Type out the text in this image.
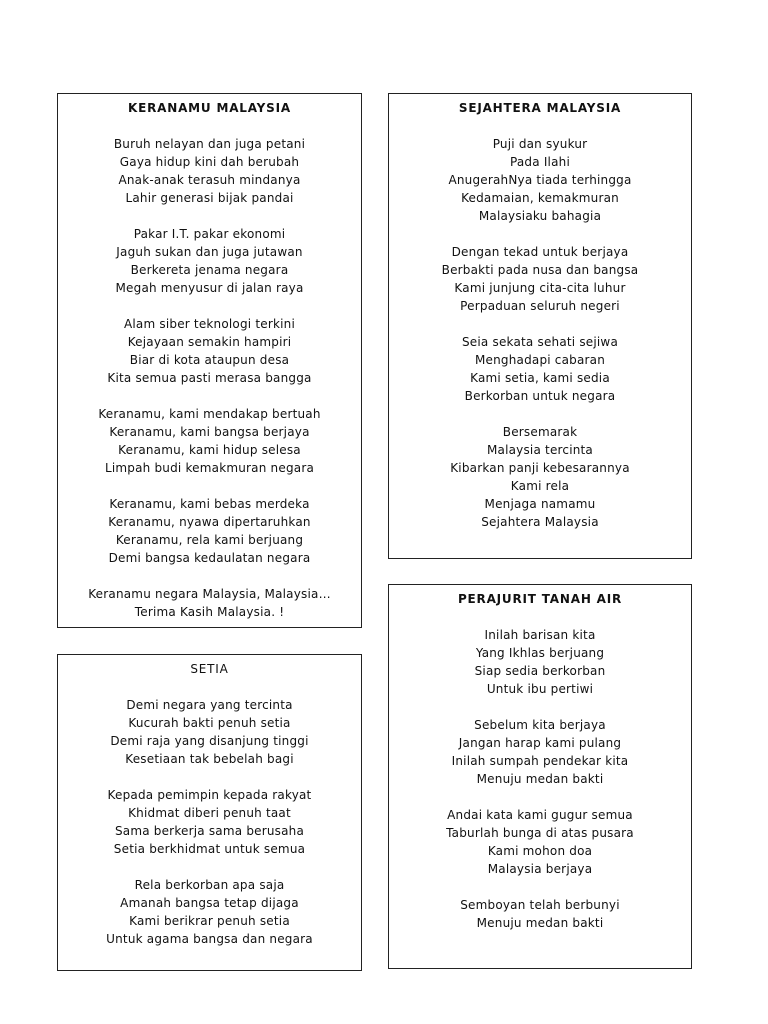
KERANAMU MALAYSIA
Buruh nelayan dan juga petani
Gaya hidup kini dah berubah
Anak-anak terasuh mindanya
Lahir generasi bijak pandai
Pakar I.T. pakar ekonomi
Jaguh sukan dan juga jutawan
Berkereta jenama negara
Megah menyusur di jalan raya
Alam siber teknologi terkini
Kejayaan semakin hampiri
Biar di kota ataupun desa
Kita semua pasti merasa bangga
Keranamu, kami mendakap bertuah
Keranamu, kami bangsa berjaya
Keranamu, kami hidup selesa
Limpah budi kemakmuran negara
Keranamu, kami bebas merdeka
Keranamu, nyawa dipertaruhkan
Keranamu, rela kami berjuang
Demi bangsa kedaulatan negara
Keranamu negara Malaysia, Malaysia…
Terima Kasih Malaysia. !
SEJAHTERA MALAYSIA
Puji dan syukur
Pada Ilahi
AnugerahNya tiada terhingga
Kedamaian, kemakmuran
Malaysiaku bahagia
Dengan tekad untuk berjaya
Berbakti pada nusa dan bangsa
Kami junjung cita-cita luhur
Perpaduan seluruh negeri
Seia sekata sehati sejiwa
Menghadapi cabaran
Kami setia, kami sedia
Berkorban untuk negara
Bersemarak
Malaysia tercinta
Kibarkan panji kebesarannya
Kami rela
Menjaga namamu
Sejahtera Malaysia
SETIA
Demi negara yang tercinta
Kucurah bakti penuh setia
Demi raja yang disanjung tinggi
Kesetiaan tak bebelah bagi
Kepada pemimpin kepada rakyat
Khidmat diberi penuh taat
Sama berkerja sama berusaha
Setia berkhidmat untuk semua
Rela berkorban apa saja
Amanah bangsa tetap dijaga
Kami berikrar penuh setia
Untuk agama bangsa dan negara
PERAJURIT TANAH AIR
Inilah barisan kita
Yang Ikhlas berjuang
Siap sedia berkorban
Untuk ibu pertiwi
Sebelum kita berjaya
Jangan harap kami pulang
Inilah sumpah pendekar kita
Menuju medan bakti
Andai kata kami gugur semua
Taburlah bunga di atas pusara
Kami mohon doa
Malaysia berjaya
Semboyan telah berbunyi
Menuju medan bakti
